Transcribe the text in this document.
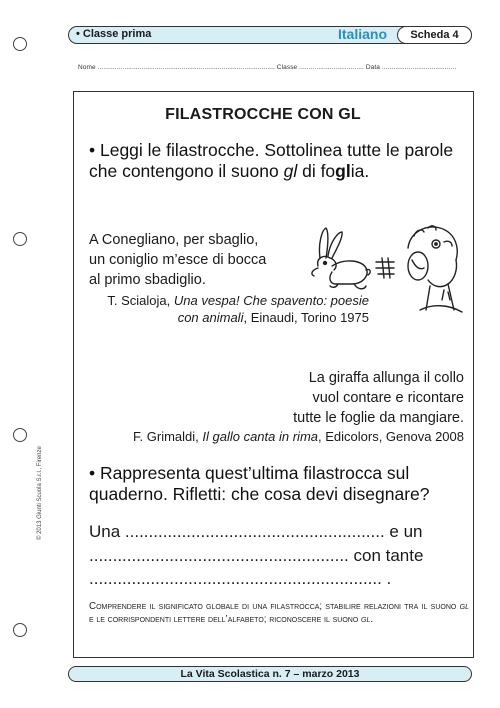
• Classe prima	Italiano	Scheda 4
Nome ............................................................................................. Classe .................................. Data .......................................
FILASTROCCHE CON GL
• Leggi le filastrocche. Sottolinea tutte le parole che contengono il suono gl di foglia.
A Conegliano, per sbaglio,
un coniglio m’esce di bocca
al primo sbadiglio.
T. Scialoja, Una vespa! Che spavento: poesie con animali, Einaudi, Torino 1975
La giraffa allunga il collo
vuol contare e ricontare
tutte le foglie da mangiare.
F. Grimaldi, Il gallo canta in rima, Edicolors, Genova 2008
• Rappresenta quest’ultima filastrocca sul quaderno. Rifletti: che cosa devi disegnare?
Una ....................................................... e un
....................................................... con tante
.............................................................. .
Comprendere il significato globale di una filastrocca; stabilire relazioni tra il suono gl e le corrispondenti lettere dell’alfabeto; riconoscere il suono gl.
© 2013 Giunti Scuola S.r.l., Firenze
La Vita Scolastica n. 7 – marzo 2013
